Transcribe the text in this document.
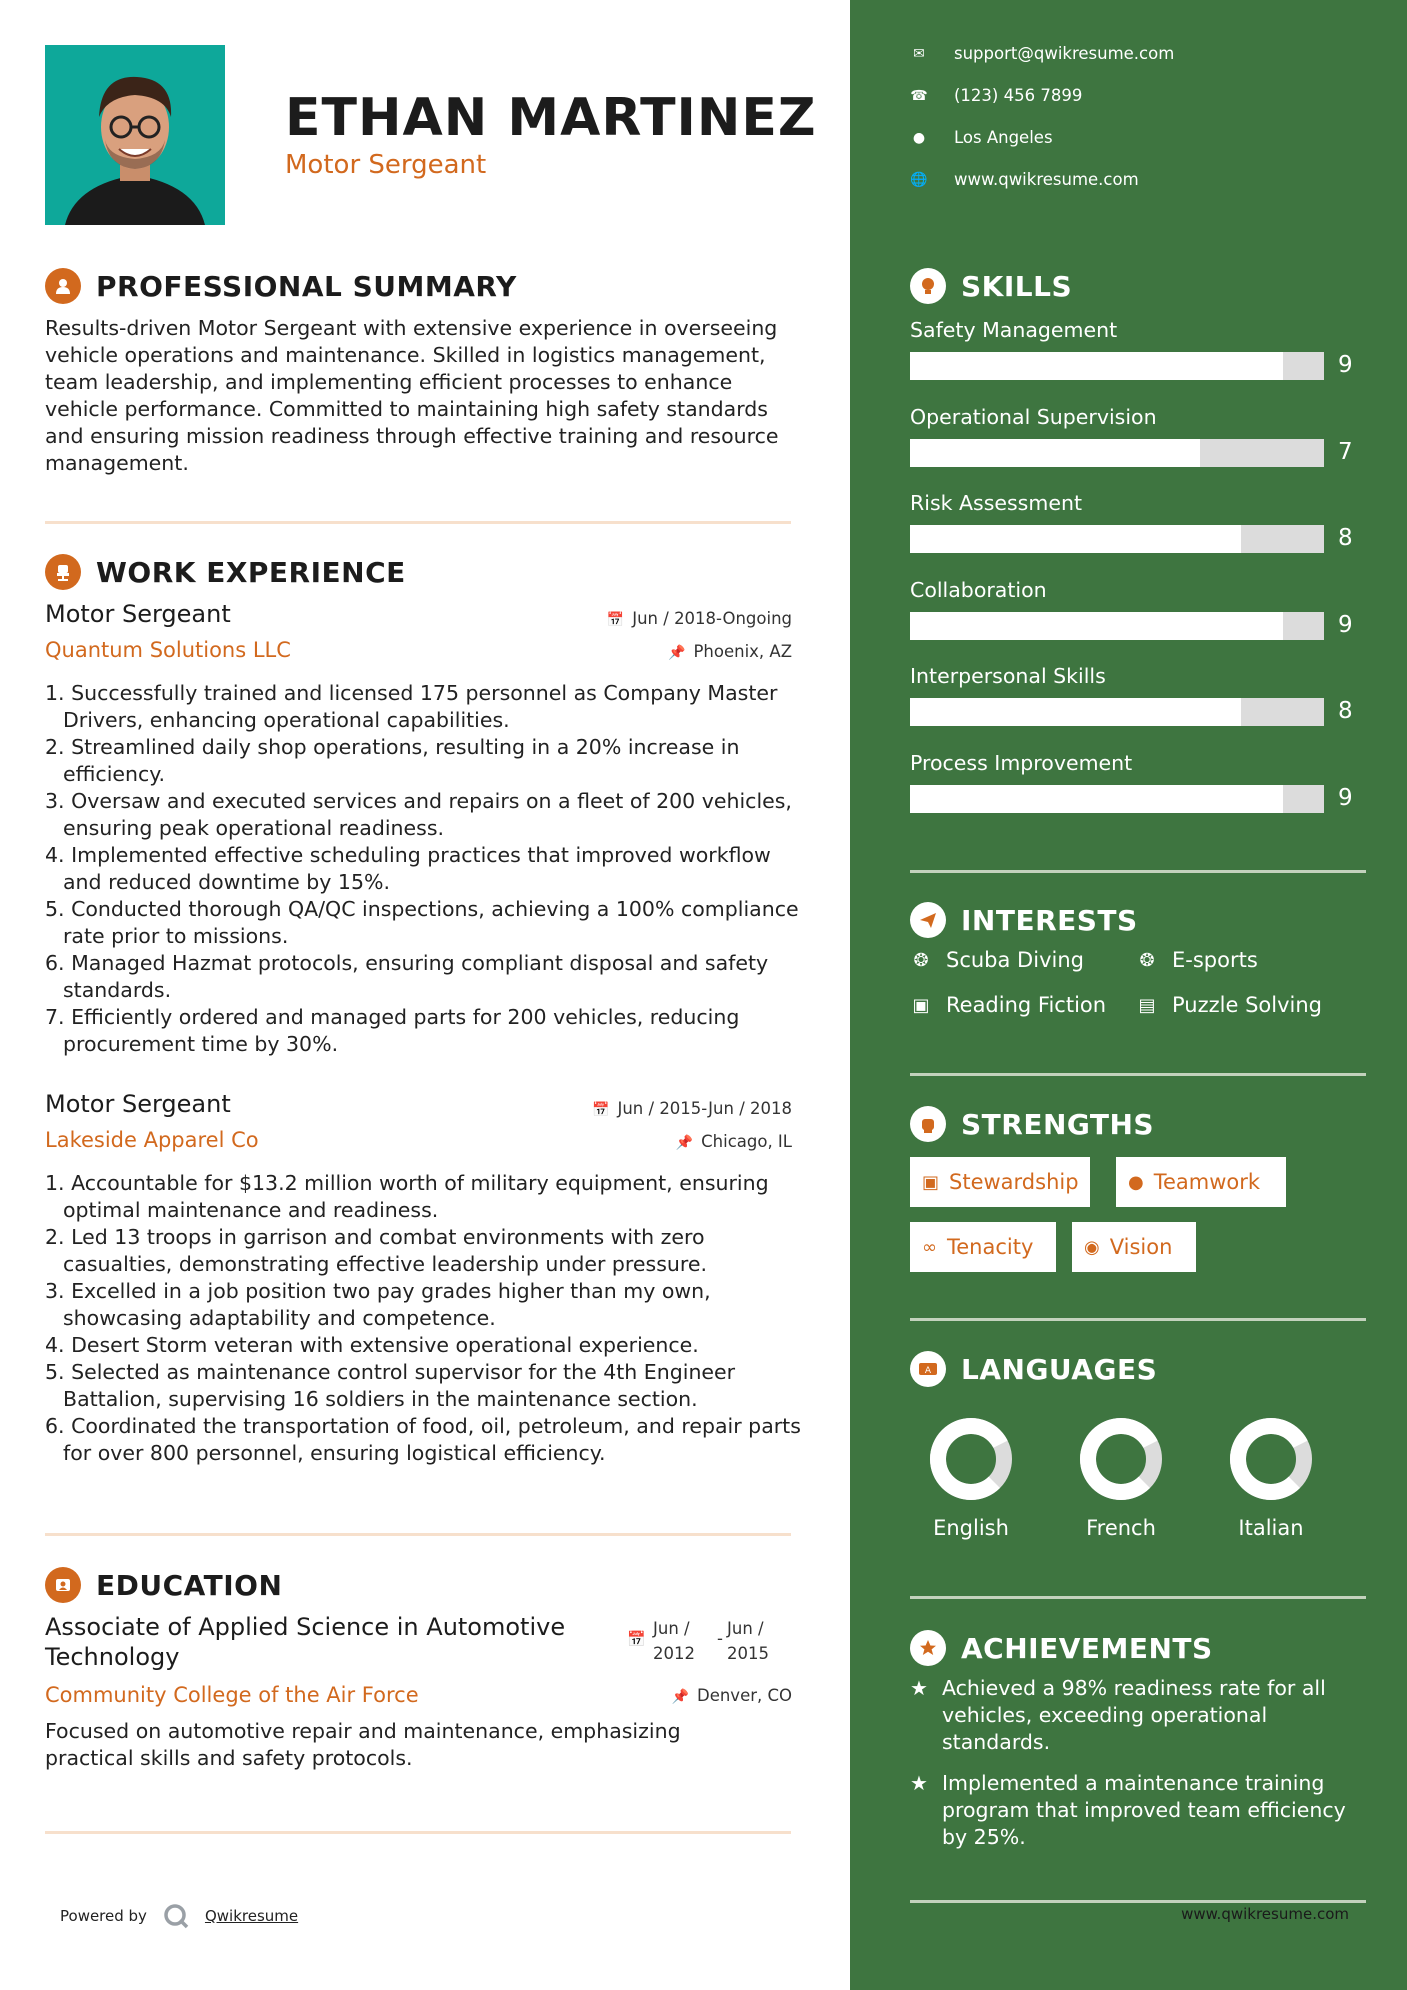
ETHAN MARTINEZ
Motor Sergeant
PROFESSIONAL SUMMARY
Results-driven Motor Sergeant with extensive experience in overseeing vehicle operations and maintenance. Skilled in logistics management, team leadership, and implementing efficient processes to enhance vehicle performance. Committed to maintaining high safety standards and ensuring mission readiness through effective training and resource management.
WORK EXPERIENCE
Motor Sergeant	📅 Jun / 2018-Ongoing
Quantum Solutions LLC	📌 Phoenix, AZ
1. Successfully trained and licensed 175 personnel as Company Master Drivers, enhancing operational capabilities.
2. Streamlined daily shop operations, resulting in a 20% increase in efficiency.
3. Oversaw and executed services and repairs on a fleet of 200 vehicles, ensuring peak operational readiness.
4. Implemented effective scheduling practices that improved workflow and reduced downtime by 15%.
5. Conducted thorough QA/QC inspections, achieving a 100% compliance rate prior to missions.
6. Managed Hazmat protocols, ensuring compliant disposal and safety standards.
7. Efficiently ordered and managed parts for 200 vehicles, reducing procurement time by 30%.
Motor Sergeant	📅 Jun / 2015-Jun / 2018
Lakeside Apparel Co	📌 Chicago, IL
1. Accountable for $13.2 million worth of military equipment, ensuring optimal maintenance and readiness.
2. Led 13 troops in garrison and combat environments with zero casualties, demonstrating effective leadership under pressure.
3. Excelled in a job position two pay grades higher than my own, showcasing adaptability and competence.
4. Desert Storm veteran with extensive operational experience.
5. Selected as maintenance control supervisor for the 4th Engineer Battalion, supervising 16 soldiers in the maintenance section.
6. Coordinated the transportation of food, oil, petroleum, and repair parts for over 800 personnel, ensuring logistical efficiency.
EDUCATION
Associate of Applied Science in Automotive Technology
📅
Jun /
2012
-
Jun /
2015
Community College of the Air Force	📌 Denver, CO
Focused on automotive repair and maintenance, emphasizing practical skills and safety protocols.
Powered by	Qwikresume
✉ support@qwikresume.com
☎ (123) 456 7899
● Los Angeles
🌐 www.qwikresume.com
SKILLS
Safety Management
9
Operational Supervision
7
Risk Assessment
8
Collaboration
9
Interpersonal Skills
8
Process Improvement
9
INTERESTS
❂ Scuba Diving	❂ E-sports
▣ Reading Fiction ▤ Puzzle Solving
STRENGTHS
▣ Stewardship	● Teamwork
∞ Tenacity	◉ Vision
A LANGUAGES
English	French	Italian
ACHIEVEMENTS
★ Achieved a 98% readiness rate for all vehicles, exceeding operational standards.
★ Implemented a maintenance training program that improved team efficiency by 25%.
www.qwikresume.com
